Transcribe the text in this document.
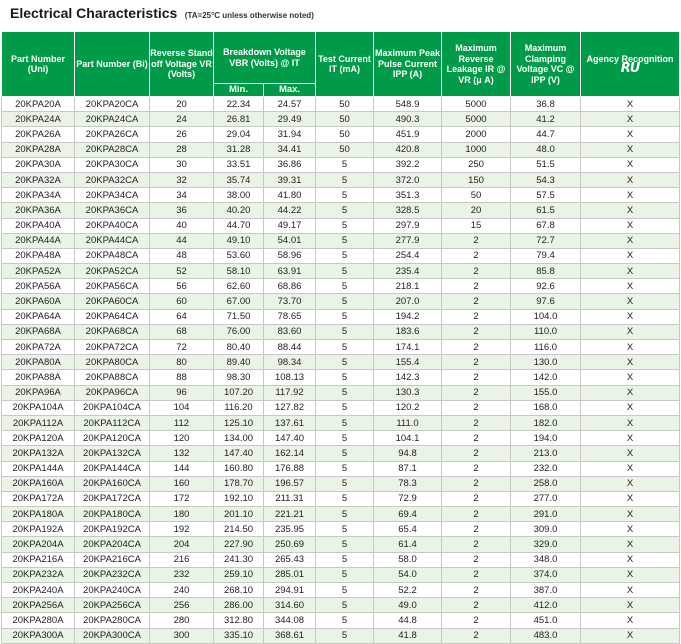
Electrical Characteristics (TA=25°C unless otherwise noted)
Part Number (Uni)	Part Number (Bi)	Reverse Stand off Voltage VR (Volts)	Breakdown Voltage VBR (Volts) @ IT		Test Current IT (mA)	Maximum Peak Pulse Current IPP (A)	Maximum Reverse Leakage IR @ VR (μ A)	Maximum Clamping Voltage VC @ IPP (V)	Agency Recognition
RU

			Min.	Max.					
20KPA20A	20KPA20CA	20	22.34	24.57	50	548.9	5000	36.8	X
20KPA24A	20KPA24CA	24	26.81	29.49	50	490.3	5000	41.2	X
20KPA26A	20KPA26CA	26	29.04	31.94	50	451.9	2000	44.7	X
20KPA28A	20KPA28CA	28	31.28	34.41	50	420.8	1000	48.0	X
20KPA30A	20KPA30CA	30	33.51	36.86	5	392.2	250	51.5	X
20KPA32A	20KPA32CA	32	35.74	39.31	5	372.0	150	54.3	X
20KPA34A	20KPA34CA	34	38.00	41.80	5	351.3	50	57.5	X
20KPA36A	20KPA36CA	36	40.20	44.22	5	328.5	20	61.5	X
20KPA40A	20KPA40CA	40	44.70	49.17	5	297.9	15	67.8	X
20KPA44A	20KPA44CA	44	49.10	54.01	5	277.9	2	72.7	X
20KPA48A	20KPA48CA	48	53.60	58.96	5	254.4	2	79.4	X
20KPA52A	20KPA52CA	52	58.10	63.91	5	235.4	2	85.8	X
20KPA56A	20KPA56CA	56	62.60	68.86	5	218.1	2	92.6	X
20KPA60A	20KPA60CA	60	67.00	73.70	5	207.0	2	97.6	X
20KPA64A	20KPA64CA	64	71.50	78.65	5	194.2	2	104.0	X
20KPA68A	20KPA68CA	68	76.00	83.60	5	183.6	2	110.0	X
20KPA72A	20KPA72CA	72	80.40	88.44	5	174.1	2	116.0	X
20KPA80A	20KPA80CA	80	89.40	98.34	5	155.4	2	130.0	X
20KPA88A	20KPA88CA	88	98.30	108.13	5	142.3	2	142.0	X
20KPA96A	20KPA96CA	96	107.20	117.92	5	130.3	2	155.0	X
20KPA104A	20KPA104CA	104	116.20	127.82	5	120.2	2	168.0	X
20KPA112A	20KPA112CA	112	125.10	137.61	5	111.0	2	182.0	X
20KPA120A	20KPA120CA	120	134.00	147.40	5	104.1	2	194.0	X
20KPA132A	20KPA132CA	132	147.40	162.14	5	94.8	2	213.0	X
20KPA144A	20KPA144CA	144	160.80	176.88	5	87.1	2	232.0	X
20KPA160A	20KPA160CA	160	178.70	196.57	5	78.3	2	258.0	X
20KPA172A	20KPA172CA	172	192.10	211.31	5	72.9	2	277.0	X
20KPA180A	20KPA180CA	180	201.10	221.21	5	69.4	2	291.0	X
20KPA192A	20KPA192CA	192	214.50	235.95	5	65.4	2	309.0	X
20KPA204A	20KPA204CA	204	227.90	250.69	5	61.4	2	329.0	X
20KPA216A	20KPA216CA	216	241.30	265.43	5	58.0	2	348.0	X
20KPA232A	20KPA232CA	232	259.10	285.01	5	54.0	2	374.0	X
20KPA240A	20KPA240CA	240	268.10	294.91	5	52.2	2	387.0	X
20KPA256A	20KPA256CA	256	286.00	314.60	5	49.0	2	412.0	X
20KPA280A	20KPA280CA	280	312.80	344.08	5	44.8	2	451.0	X
20KPA300A	20KPA300CA	300	335.10	368.61	5	41.8	2	483.0	X
